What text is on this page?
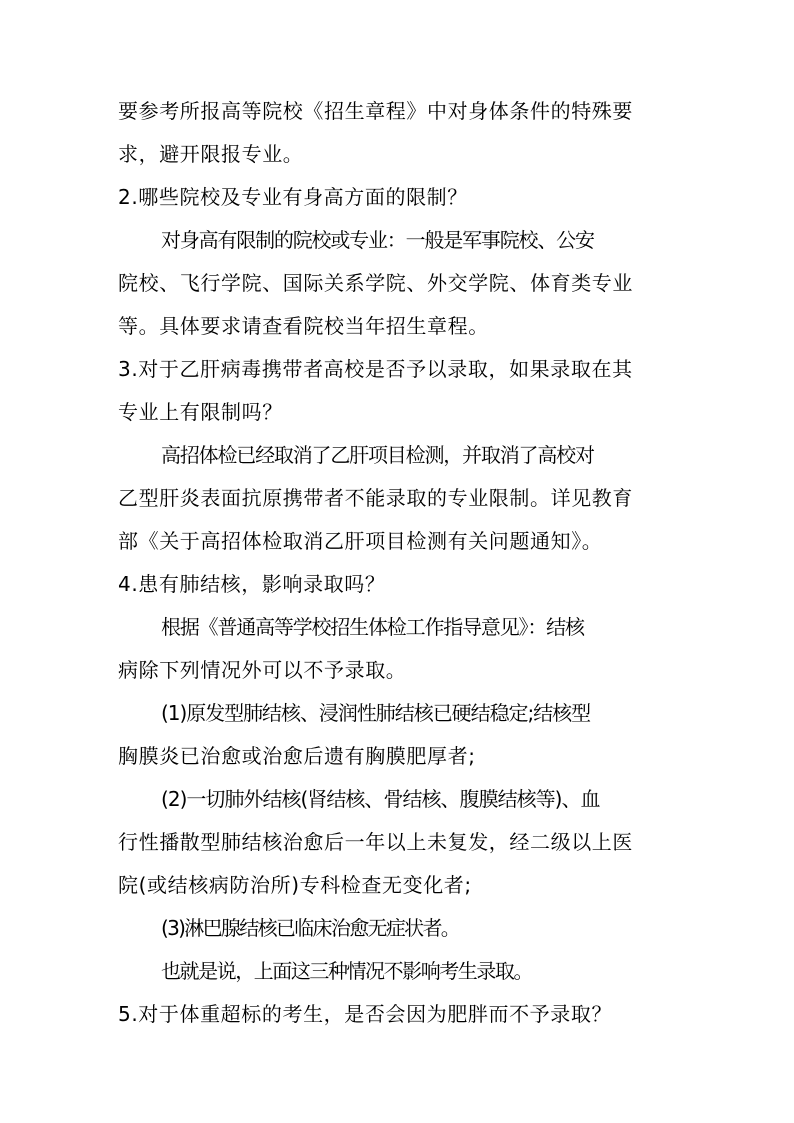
要参考所报高等院校《招生章程》中对身体条件的特殊要
求，避开限报专业。
2.哪些院校及专业有身高方面的限制？
对身高有限制的院校或专业：一般是军事院校、公安
院校、飞行学院、国际关系学院、外交学院、体育类专业
等。具体要求请查看院校当年招生章程。
3.对于乙肝病毒携带者高校是否予以录取，如果录取在其
专业上有限制吗？
高招体检已经取消了乙肝项目检测，并取消了高校对
乙型肝炎表面抗原携带者不能录取的专业限制。详见教育
部《关于高招体检取消乙肝项目检测有关问题通知》。
4.患有肺结核，影响录取吗？
根据《普通高等学校招生体检工作指导意见》：结核
病除下列情况外可以不予录取。
(1)原发型肺结核、浸润性肺结核已硬结稳定;结核型
胸膜炎已治愈或治愈后遗有胸膜肥厚者;
(2)一切肺外结核(肾结核、骨结核、腹膜结核等)、血
行性播散型肺结核治愈后一年以上未复发，经二级以上医
院(或结核病防治所)专科检查无变化者;
(3)淋巴腺结核已临床治愈无症状者。
也就是说，上面这三种情况不影响考生录取。
5.对于体重超标的考生，是否会因为肥胖而不予录取？
